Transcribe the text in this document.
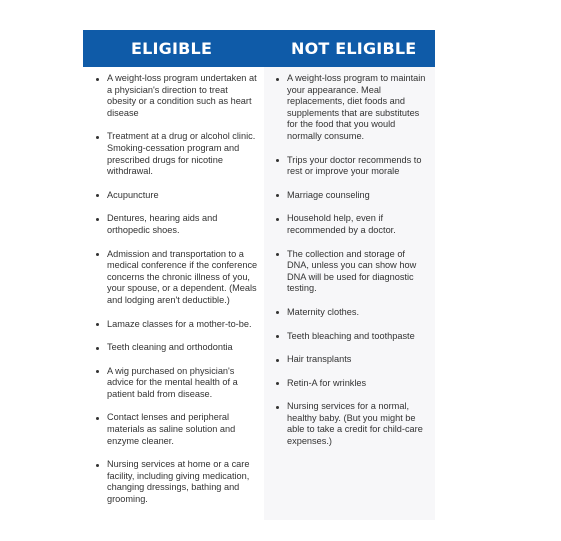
ELIGIBLE	NOT ELIGIBLE
A weight-loss program undertaken at a physician's direction to treat obesity or a condition such as heart disease
Treatment at a drug or alcohol clinic. Smoking-cessation program and prescribed drugs for nicotine withdrawal.
Acupuncture
Dentures, hearing aids and orthopedic shoes.
Admission and transportation to a medical conference if the conference concerns the chronic illness of you, your spouse, or a dependent. (Meals and lodging aren't deductible.)
Lamaze classes for a mother-to-be.
Teeth cleaning and orthodontia
A wig purchased on physician's advice for the mental health of a patient bald from disease.
Contact lenses and peripheral materials as saline solution and enzyme cleaner.
Nursing services at home or a care facility, including giving medication, changing dressings, bathing and grooming.
A weight-loss program to maintain your appearance. Meal replacements, diet foods and supplements that are substitutes for the food that you would normally consume.
Trips your doctor recommends to rest or improve your morale
Marriage counseling
Household help, even if recommended by a doctor.
The collection and storage of DNA, unless you can show how DNA will be used for diagnostic testing.
Maternity clothes.
Teeth bleaching and toothpaste
Hair transplants
Retin-A for wrinkles
Nursing services for a normal, healthy baby. (But you might be able to take a credit for child-care expenses.)
